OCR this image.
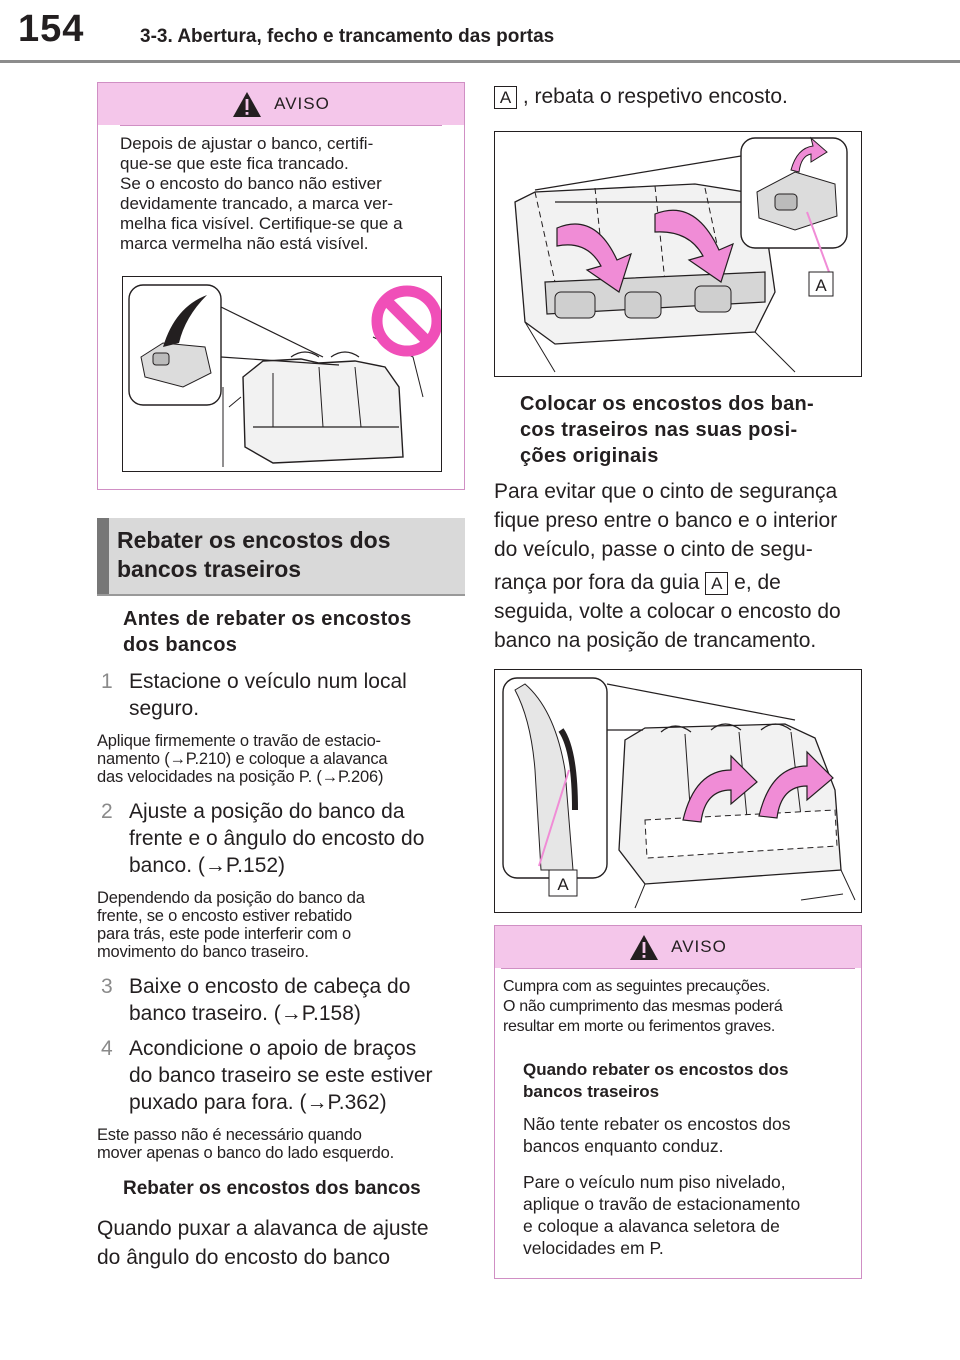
154	3-3. Abertura, fecho e trancamento das portas
AVISO
Depois de ajustar o banco, certifi-
que-se que este fica trancado.
Se o encosto do banco não estiver
devidamente trancado, a marca ver-
melha fica visível. Certifique-se que a
marca vermelha não está visível.
Rebater os encostos dos
bancos traseiros
Antes de rebater os encostos
dos bancos
1 Estacione o veículo num local
seguro.
Aplique firmemente o travão de estacio-
namento (→P.210) e coloque a alavanca
das velocidades na posição P. (→P.206)
2 Ajuste a posição do banco da
frente e o ângulo do encosto do
banco. (→P.152)
Dependendo da posição do banco da
frente, se o encosto estiver rebatido
para trás, este pode interferir com o
movimento do banco traseiro.
3 Baixe o encosto de cabeça do
banco traseiro. (→P.158)
4 Acondicione o apoio de braços
do banco traseiro se este estiver
puxado para fora. (→P.362)
Este passo não é necessário quando
mover apenas o banco do lado esquerdo.
Rebater os encostos dos bancos
Quando puxar a alavanca de ajuste
do ângulo do encosto do banco
A , rebata o respetivo encosto.
A
Colocar os encostos dos ban-
cos traseiros nas suas posi-
ções originais
Para evitar que o cinto de segurança
fique preso entre o banco e o interior
do veículo, passe o cinto de segu-
rança por fora da guia A e, de
seguida, volte a colocar o encosto do
banco na posição de trancamento.
A
AVISO
Cumpra com as seguintes precauções.
O não cumprimento das mesmas poderá
resultar em morte ou ferimentos graves.
Quando rebater os encostos dos
bancos traseiros
Não tente rebater os encostos dos
bancos enquanto conduz.
Pare o veículo num piso nivelado,
aplique o travão de estacionamento
e coloque a alavanca seletora de
velocidades em P.
